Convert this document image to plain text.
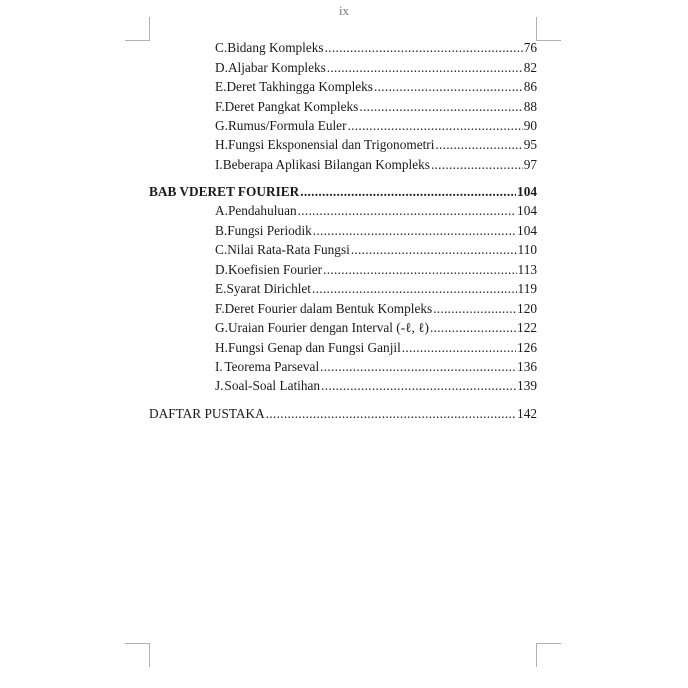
ix
C. Bidang Kompleks .....	76
D. Aljabar Kompleks .....	82
E. Deret Takhingga Kompleks .....	86
F. Deret Pangkat Kompleks .....	88
G. Rumus/Formula Euler .....	90
H. Fungsi Eksponensial dan Trigonometri .....	95
I. Beberapa Aplikasi Bilangan Kompleks .....	97
BAB V DERET FOURIER .....	104
A. Pendahuluan .....	104
B. Fungsi Periodik .....	104
C. Nilai Rata-Rata Fungsi .....	110
D. Koefisien Fourier .....	113
E. Syarat Dirichlet .....	119
F. Deret Fourier dalam Bentuk Kompleks .....	120
G. Uraian Fourier dengan Interval (-ℓ, ℓ) .....	122
H. Fungsi Genap dan Fungsi Ganjil .....	126
I. Teorema Parseval .....	136
J. Soal-Soal Latihan .....	139
DAFTAR PUSTAKA .....	142
